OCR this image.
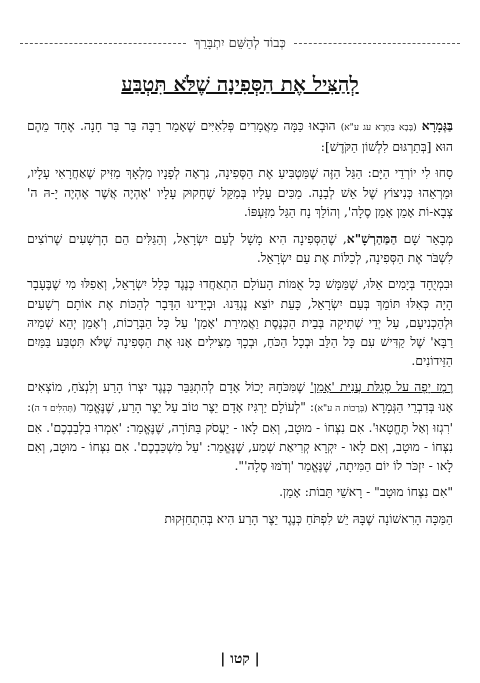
כְּבוֹד לְהַשֵּׁם יִתְבָּרֵךְ
לְהַצִּיל אֶת הַסְּפִינָה שֶׁלֹּא תִּטְבַּע

בַּגְּמָרָא (בָּבָא בַּתְרָא עג ע"א) הוּבְאוּ כַּמָּה מַאֲמָרִים פְּלִאִיִּים שֶׁאָמַר רַבָּה בַּר בַּר חָנָה. אֶחָד מֵהֶם הוּא [בְּתַרְגּוּם לִלְשׁוֹן הַקֹּדֶשׁ]:

סָחוּ לִי יוֹרְדֵי הַיָּם: הַגַּל הַזֶּה שֶׁמַּטְבִּיעַ אֶת הַסְּפִינָה, נִרְאָה לְפָנָיו מַלְאָךְ מַזִּיק שֶׁאַחֲרָאִי עָלָיו, וּמַרְאֵהוּ כְּנִיצוֹץ שֶׁל אֵשׁ לְבָנָה. מַכִּים עָלָיו בְּמַקֵּל שֶׁחָקוּק עָלָיו 'אֶהְיֶה אֲשֶׁר אֶהְיֶה יָ-הּ ה' צְבָא-וֹת אָמֵן אָמֵן סֶלָה', וְהוֹלֵךְ נָח הַגַּל מִזַּעְפּוֹ.

מְבָאֵר שָׁם הַמַּהַרְשָׁ"א, שֶׁהַסְּפִינָה הִיא מָשָׁל לְעַם יִשְׂרָאֵל, וְהַגַּלִּים הֵם הָרְשָׁעִים שֶׁרוֹצִים לִשְׁבֹּר אֶת הַסְּפִינָה, לְכַלּוֹת אֶת עַם יִשְׂרָאֵל.

וּבִמְיֻחָד בְּיָמִים אֵלּוּ, שֶׁמַּמָּשׁ כָּל אֻמּוֹת הָעוֹלָם הִתְאַחֲדוּ כְּנֶגֶד כְּלַל יִשְׂרָאֵל, וְאַפִלּוּ מִי שֶׁבֶּעָבָר הָיָה כְּאִלּוּ תּוֹמֵךְ בְּעַם יִשְׂרָאֵל, כָּעֵת יוֹצֵא נֶגְדֵּנוּ. וּבְיָדֵינוּ הַדָּבָר לְהַכּוֹת אֶת אוֹתָם רְשָׁעִים וּלְהַכְנִיעָם, עַל יְדֵי שְׁתִיקָה בְּבֵית הַכְּנֶסֶת וַאֲמִירַת 'אָמֵן' עַל כָּל הַבְּרָכוֹת, וְ'אָמֵן יְהֵא שְׁמֵיהּ רַבָּא' שֶׁל קַדִּישׁ עִם כָּל הַלֵּב וּבְכָל הַכֹּחַ, וּבְכָךְ מַצִּילִים אָנוּ אֶת הַסְּפִינָה שֶׁלֹּא תִּטְבַּע בַּמַּיִם הַזֵּידוֹנִים.

רֶמֶז יָפֶה עַל סְגֻלַּת עֲנִיַּת 'אָמֵן' שֶׁמִּכֹּחָהּ יָכוֹל אָדָם לְהִתְגַּבֵּר כְּנֶגֶד יִצְרוֹ הָרַע וְלִנְצֹחַ, מוֹצְאִים אָנוּ בְּדִבְרֵי הַגְּמָרָא (בְּרָכוֹת ה ע"א): "לְעוֹלָם יַרְגִּיז אָדָם יֵצֶר טוֹב עַל יֵצֶר הָרַע, שֶׁנֶּאֱמַר (תְּהִלִּים ד ה): 'רִגְזוּ וְאַל תֶּחֱטָאוּ'. אִם נִצְּחוֹ - מוּטָב, וְאִם לָאו - יַעֲסֹק בַּתּוֹרָה, שֶׁנֶּאֱמַר: 'אִמְרוּ בִלְבַבְכֶם'. אִם נִצְּחוֹ - מוּטָב, וְאִם לָאו - יִקְרָא קְרִיאַת שְׁמַע, שֶׁנֶּאֱמַר: 'עַל מִשְׁכַּבְכֶם'. אִם נִצְּחוֹ - מוּטָב, וְאִם לָאו - יִזְכֹּר לוֹ יוֹם הַמִּיתָה, שֶׁנֶּאֱמַר 'וְדֹמּוּ סֶלָה'".

"אִם נִצְּחוֹ מוּטָב" - רָאשֵׁי תֵּבוֹת: אָמֵן.

הַמַּכָּה הָרִאשׁוֹנָה שֶׁבָּהּ יֵשׁ לִפְתֹּחַ כְּנֶגֶד יֵצֶר הָרַע הִיא בְּהִתְחַזְּקוּת

| קטו |
